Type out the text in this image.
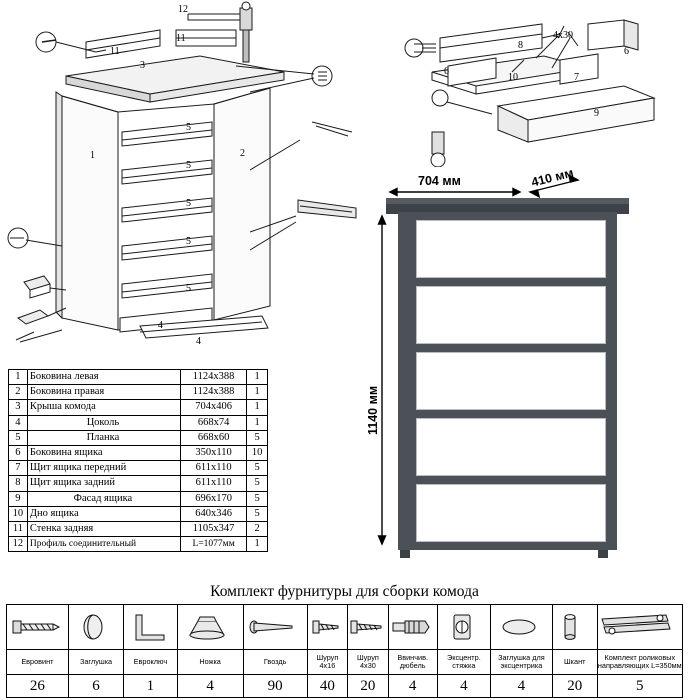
12
11
11
3
5
5
5
5
5
1	2
4
4
8
4х30
6
6
10	7
9
1	Боковина левая	1124x388	1
2	Боковина правая	1124x388	1
3	Крыша комода	704x406	1
4	Цоколь	668х74	1
5	Планка	668х60	5
6	Боковина ящика	350х110	10
7	Щит ящика передний	611х110	5
8	Щит ящика задний	611х110	5
9	Фасад ящика	696х170	5
10	Дно ящика	640х346	5
11	Стенка задняя	1105х347	2
12	Профиль соединительный	L=1077мм	1
704 мм	410 мм
1140 мм
Комплект фурнитуры для сборки комода

Евровинт	Заглушка	Евроключ	Ножка	Гвоздь	Шуруп 4х16	Шуруп 4х30	Ввинчив. дюбель	Эксцентр. стяжка	Заглушка для эксцентрика	Шкант	Комплект роликовых направляющих L=350мм
26	6	1	4	90	40	20	4	4	4	20	5
